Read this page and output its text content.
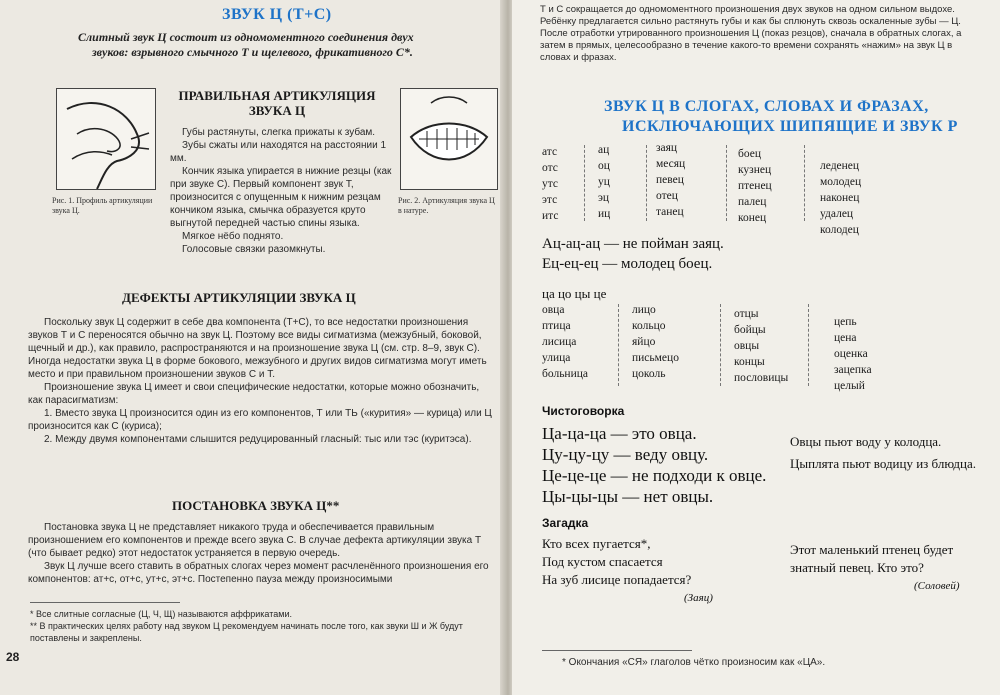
ЗВУК Ц (Т+С)
Слитный звук Ц состоит из одномоментного соединения двух
звуков: взрывного смычного Т и щелевого, фрикативного С*.
Рис. 1. Профиль артикуляции звука Ц.
Рис. 2. Артикуляция звука Ц в натуре.
ПРАВИЛЬНАЯ АРТИКУЛЯЦИЯ ЗВУКА Ц
Губы растянуты, слегка прижаты к зубам.
Зубы сжаты или находятся на расстоянии 1 мм.
Кончик языка упирается в нижние резцы (как при звуке С). Первый компонент звук Т, произносится с опущенным к нижним резцам кончиком языка, смычка образуется круто выгнутой передней частью спины языка.
Мягкое нёбо поднято.
Голосовые связки разомкнуты.
ДЕФЕКТЫ АРТИКУЛЯЦИИ ЗВУКА Ц
Поскольку звук Ц содержит в себе два компонента (Т+С), то все недостатки произношения звуков Т и С переносятся обычно на звук Ц. Поэтому все виды сигматизма (межзубный, боковой, щечный и др.), как правило, распространяются и на произношение звука Ц (см. стр. 8–9, звук С). Иногда недостатки звука Ц в форме бокового, межзубного и других видов сигматизма могут иметь место и при правильном произношении звуков С и Т.
Произношение звука Ц имеет и свои специфические недостатки, которые можно обозначить, как парасигматизм:
1. Вместо звука Ц произносится один из его компонентов, Т или ТЬ («курития» — курица) или Ц произносится как С (куриса);
2. Между двумя компонентами слышится редуцированный гласный: тыс или тэс (куритэса).
ПОСТАНОВКА ЗВУКА Ц**
Постановка звука Ц не представляет никакого труда и обеспечивается правильным произношением его компонентов и прежде всего звука С. В случае дефекта артикуляции звука Т (что бывает редко) этот недостаток устраняется в первую очередь.
Звук Ц лучше всего ставить в обратных слогах через момент расчленённого произношения его компонентов: ат+с, от+с, ут+с, эт+с. Постепенно пауза между произносимыми
* Все слитные согласные (Ц, Ч, Щ) называются аффрикатами.
** В практических целях работу над звуком Ц рекомендуем начинать после того, как звуки Ш и Ж будут поставлены и закреплены.
28
Т и С сокращается до одномоментного произношения двух звуков на одном сильном выдохе. Ребёнку предлагается сильно растянуть губы и как бы сплюнуть сквозь оскаленные зубы — Ц. После отработки утрированного произношения Ц (показ резцов), сначала в обратных слогах, а затем в прямых, целесообразно в течение какого-то времени сохранять «нажим» на звук Ц в словах и фразах.
ЗВУК Ц В СЛОГАХ, СЛОВАХ И ФРАЗАХ,
ИСКЛЮЧАЮЩИХ ШИПЯЩИЕ И ЗВУК Р
атс
отс
утс
этс
итс
ац
оц
уц
эц
иц
заяц
месяц
певец
отец
танец
боец
кузнец
птенец
палец
конец
леденец
молодец
наконец
удалец
колодец
Ац-ац-ац — не пойман заяц.
Ец-ец-ец — молодец боец.
ца цо цы це
овца
птица
лисица
улица
больница
лицо
кольцо
яйцо
письмецо
цоколь
отцы
бойцы
овцы
концы
пословицы
цепь
цена
оценка
зацепка
целый
Чистоговорка
Ца-ца-ца — это овца.
Цу-цу-цу — веду овцу.
Це-це-це — не подходи к овце.
Цы-цы-цы — нет овцы.
Овцы пьют воду у колодца.
Цыплята пьют водицу из блюдца.
Загадка
Кто всех пугается*,
Под кустом спасается
На зуб лисице попадается?
(Заяц)
Этот маленький птенец будет
знатный певец. Кто это?
(Соловей)
* Окончания «СЯ» глаголов чётко произносим как «ЦА».
